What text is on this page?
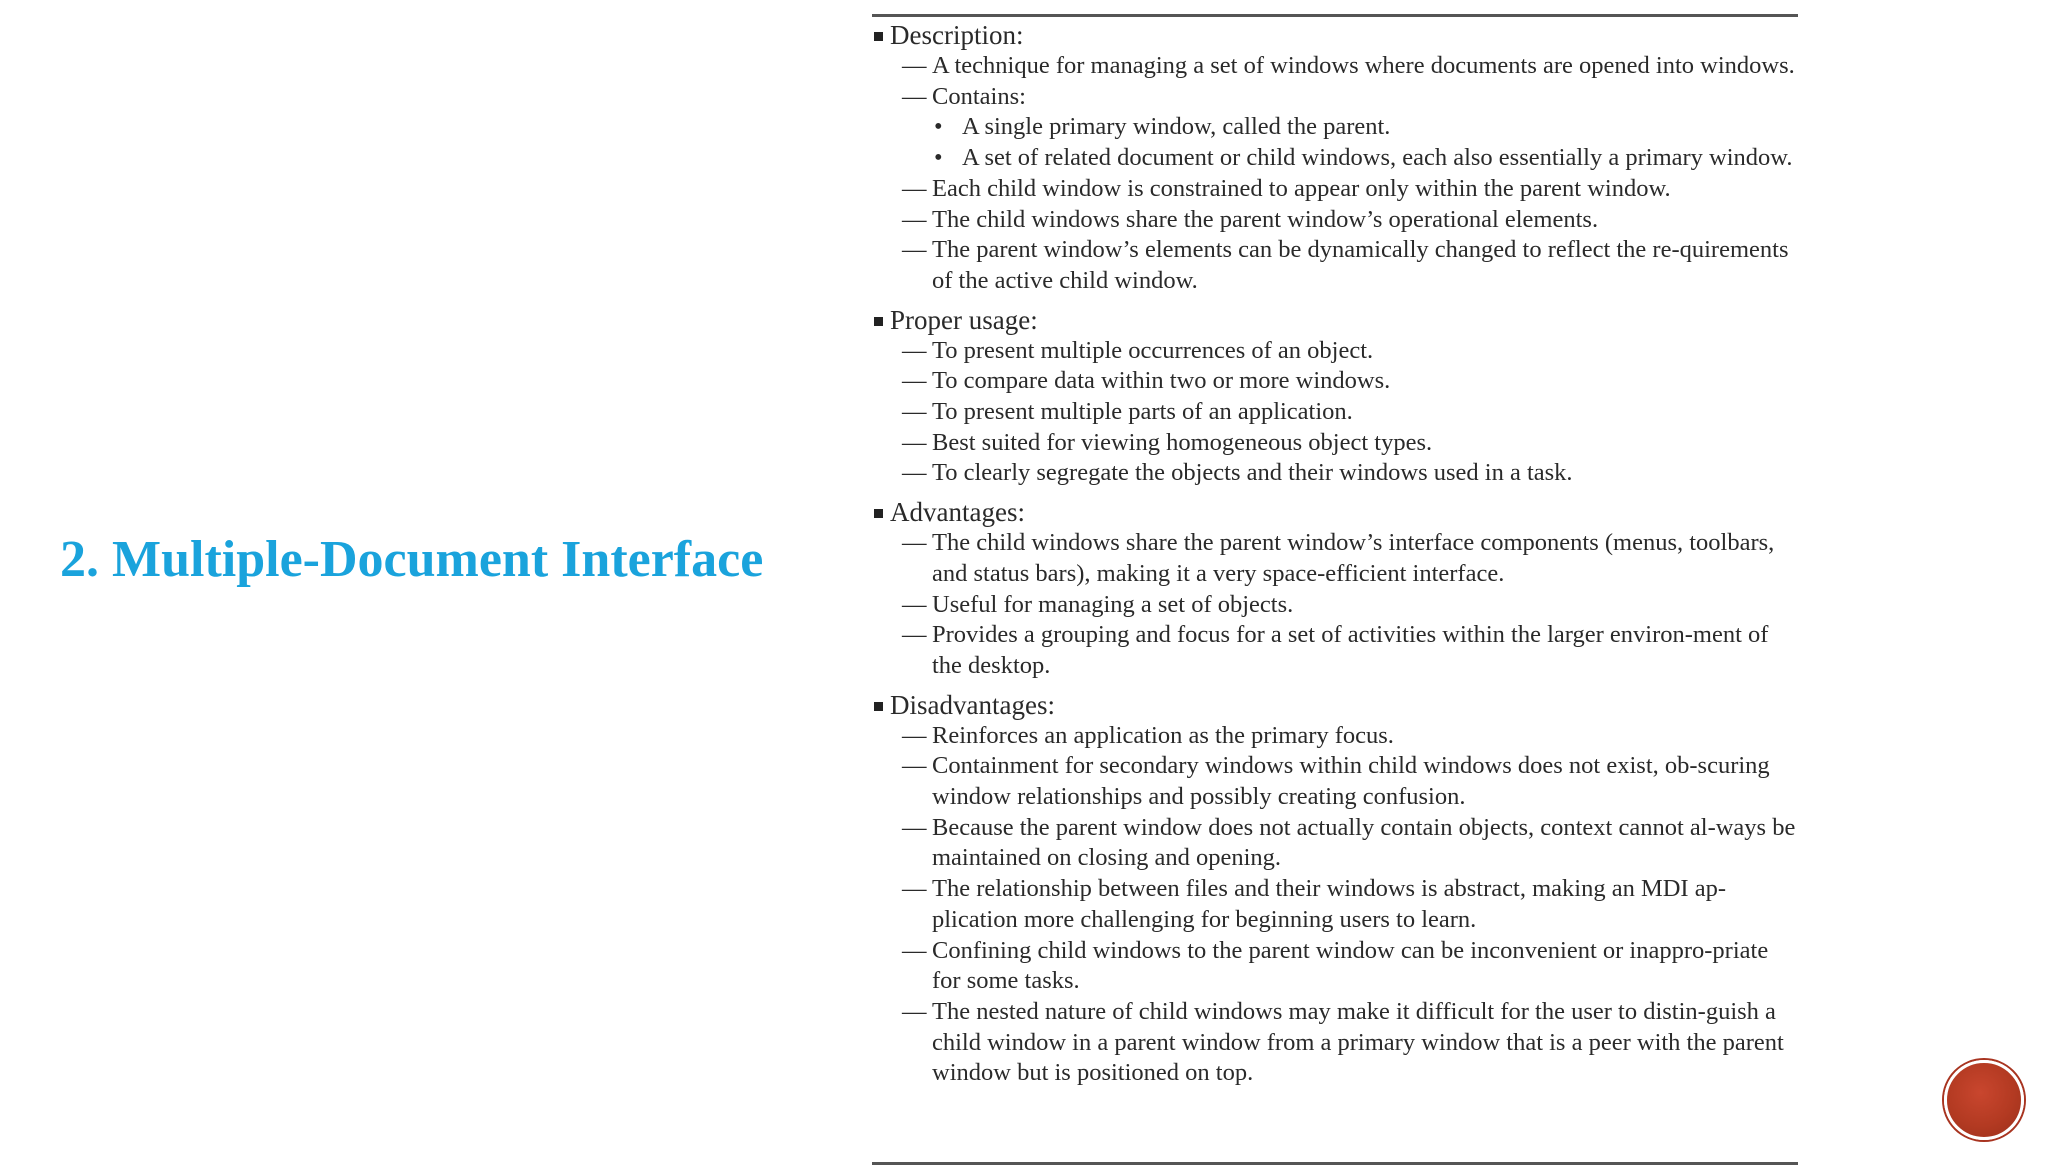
2. Multiple-Document Interface
Description:
— A technique for managing a set of windows where documents are opened into windows.
— Contains:
• A single primary window, called the parent.
• A set of related document or child windows, each also essentially a primary window.
— Each child window is constrained to appear only within the parent window.
— The child windows share the parent window’s operational elements.
— The parent window’s elements can be dynamically changed to reflect the re-quirements of the active child window.
Proper usage:
— To present multiple occurrences of an object.
— To compare data within two or more windows.
— To present multiple parts of an application.
— Best suited for viewing homogeneous object types.
— To clearly segregate the objects and their windows used in a task.
Advantages:
— The child windows share the parent window’s interface components (menus, toolbars, and status bars), making it a very space-efficient interface.
— Useful for managing a set of objects.
— Provides a grouping and focus for a set of activities within the larger environ-ment of the desktop.
Disadvantages:
— Reinforces an application as the primary focus.
— Containment for secondary windows within child windows does not exist, ob-scuring window relationships and possibly creating confusion.
— Because the parent window does not actually contain objects, context cannot al-ways be maintained on closing and opening.
— The relationship between files and their windows is abstract, making an MDI ap-plication more challenging for beginning users to learn.
— Confining child windows to the parent window can be inconvenient or inappro-priate for some tasks.
— The nested nature of child windows may make it difficult for the user to distin-guish a child window in a parent window from a primary window that is a peer with the parent window but is positioned on top.
